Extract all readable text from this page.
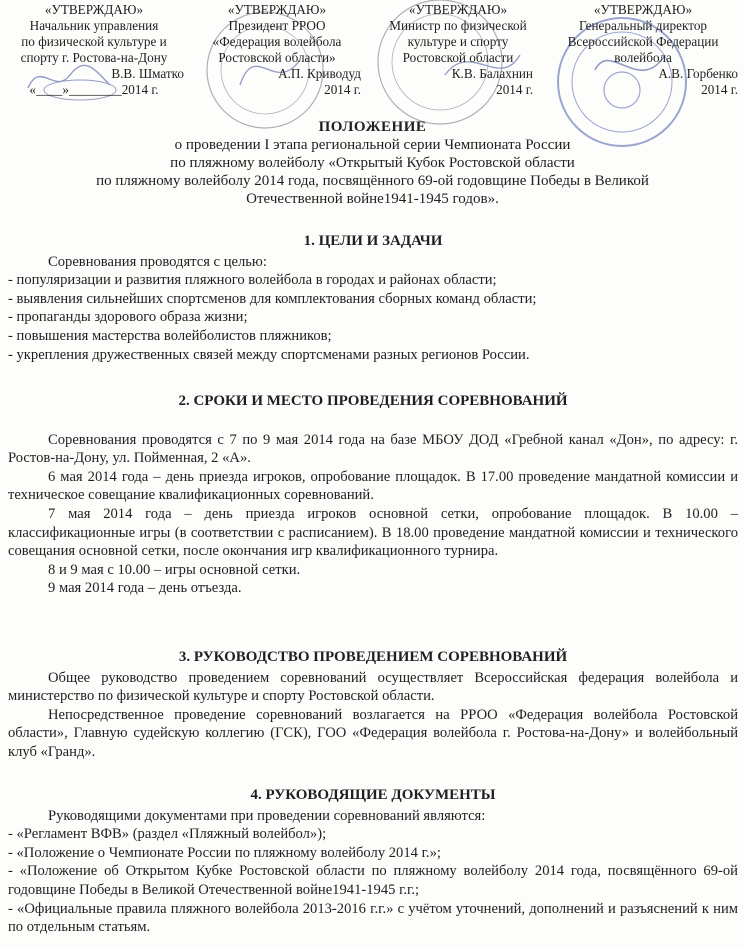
«УТВЕРЖДАЮ»
Начальник управления
по физической культуре и
спорту г. Ростова-на-Дону
В.В. Шматко
«____»________2014 г.
«УТВЕРЖДАЮ»
Президент РРОО
«Федерация волейбола
Ростовской области»
А.П. Криводуд
2014 г.
«УТВЕРЖДАЮ»
Министр по физической
культуре и спорту
Ростовской области
К.В. Балахнин
2014 г.
«УТВЕРЖДАЮ»
Генеральный директор
Всероссийской Федерации
волейбола
А.В. Горбенко
2014 г.
ПОЛОЖЕНИЕ
о проведении I этапа региональной серии Чемпионата России
по пляжному волейболу «Открытый Кубок Ростовской области
по пляжному волейболу 2014 года, посвящённого 69-ой годовщине Победы в Великой
Отечественной войне1941-1945 годов».

1. ЦЕЛИ И ЗАДАЧИ

Соревнования проводятся с целью:

- популяризации и развития пляжного волейбола в городах и районах области;

- выявления сильнейших спортсменов для комплектования сборных команд области;

- пропаганды здорового образа жизни;

- повышения мастерства волейболистов пляжников;

- укрепления дружественных связей между спортсменами разных регионов России.

2. СРОКИ И МЕСТО ПРОВЕДЕНИЯ СОРЕВНОВАНИЙ

Соревнования проводятся с 7 по 9 мая 2014 года на базе МБОУ ДОД «Гребной канал «Дон», по адресу: г. Ростов-на-Дону, ул. Пойменная, 2 «А».

6 мая 2014 года – день приезда игроков, опробование площадок. В 17.00 проведение мандатной комиссии и техническое совещание квалификационных соревнований.

7 мая 2014 года – день приезда игроков основной сетки, опробование площадок. В 10.00 – классификационные игры (в соответствии с расписанием). В 18.00 проведение мандатной комиссии и технического совещания основной сетки, после окончания игр квалификационного турнира.

8 и 9 мая с 10.00 – игры основной сетки.

9 мая 2014 года – день отъезда.

3. РУКОВОДСТВО ПРОВЕДЕНИЕМ СОРЕВНОВАНИЙ

Общее руководство проведением соревнований осуществляет Всероссийская федерация волейбола и министерство по физической культуре и спорту Ростовской области.

Непосредственное проведение соревнований возлагается на РРОО «Федерация волейбола Ростовской области», Главную судейскую коллегию (ГСК), ГОО «Федерация волейбола г. Ростова-на-Дону» и волейбольный клуб «Гранд».

4. РУКОВОДЯЩИЕ ДОКУМЕНТЫ

Руководящими документами при проведении соревнований являются:

- «Регламент ВФВ» (раздел «Пляжный волейбол»);

- «Положение о Чемпионате России по пляжному волейболу 2014 г.»;

- «Положение об Открытом Кубке Ростовской области по пляжному волейболу 2014 года, посвящённого 69-ой годовщине Победы в Великой Отечественной войне1941-1945 г.г.;

- «Официальные правила пляжного волейбола 2013-2016 г.г.» с учётом уточнений, дополнений и разъяснений к ним по отдельным статьям.
